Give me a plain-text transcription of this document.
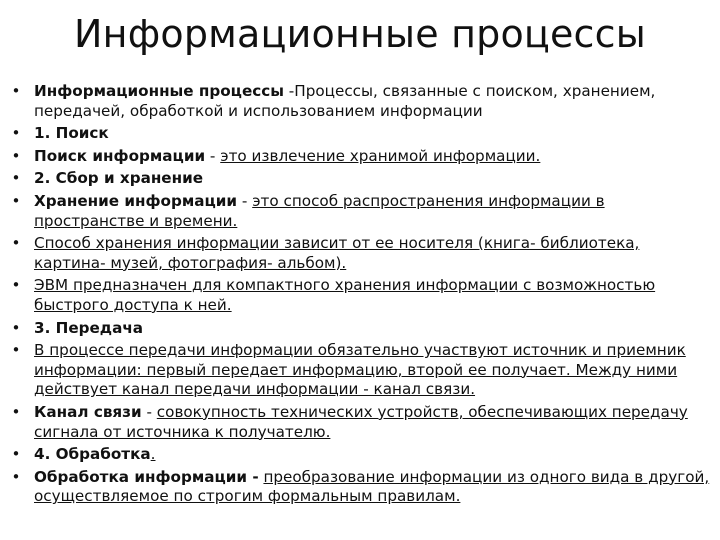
Информационные процессы
• Информационные процессы -Процессы, связанные с поиском, хранением, передачей, обработкой и использованием информации
• 1. Поиск
• Поиск информации - это извлечение хранимой информации.
• 2. Сбор и хранение
• Хранение информации - это способ распространения информации в пространстве и времени.
• Способ хранения информации зависит от ее носителя (книга- библиотека, картина- музей, фотография- альбом).
• ЭВМ предназначен для компактного хранения информации с возможностью быстрого доступа к ней.
• 3. Передача
• В процессе передачи информации обязательно участвуют источник и приемник информации: первый передает информацию, второй ее получает. Между ними действует канал передачи информации - канал связи.
• Канал связи - совокупность технических устройств, обеспечивающих передачу сигнала от источника к получателю.
• 4. Обработка.
• Обработка информации - преобразование информации из одного вида в другой, осуществляемое по строгим формальным правилам.
